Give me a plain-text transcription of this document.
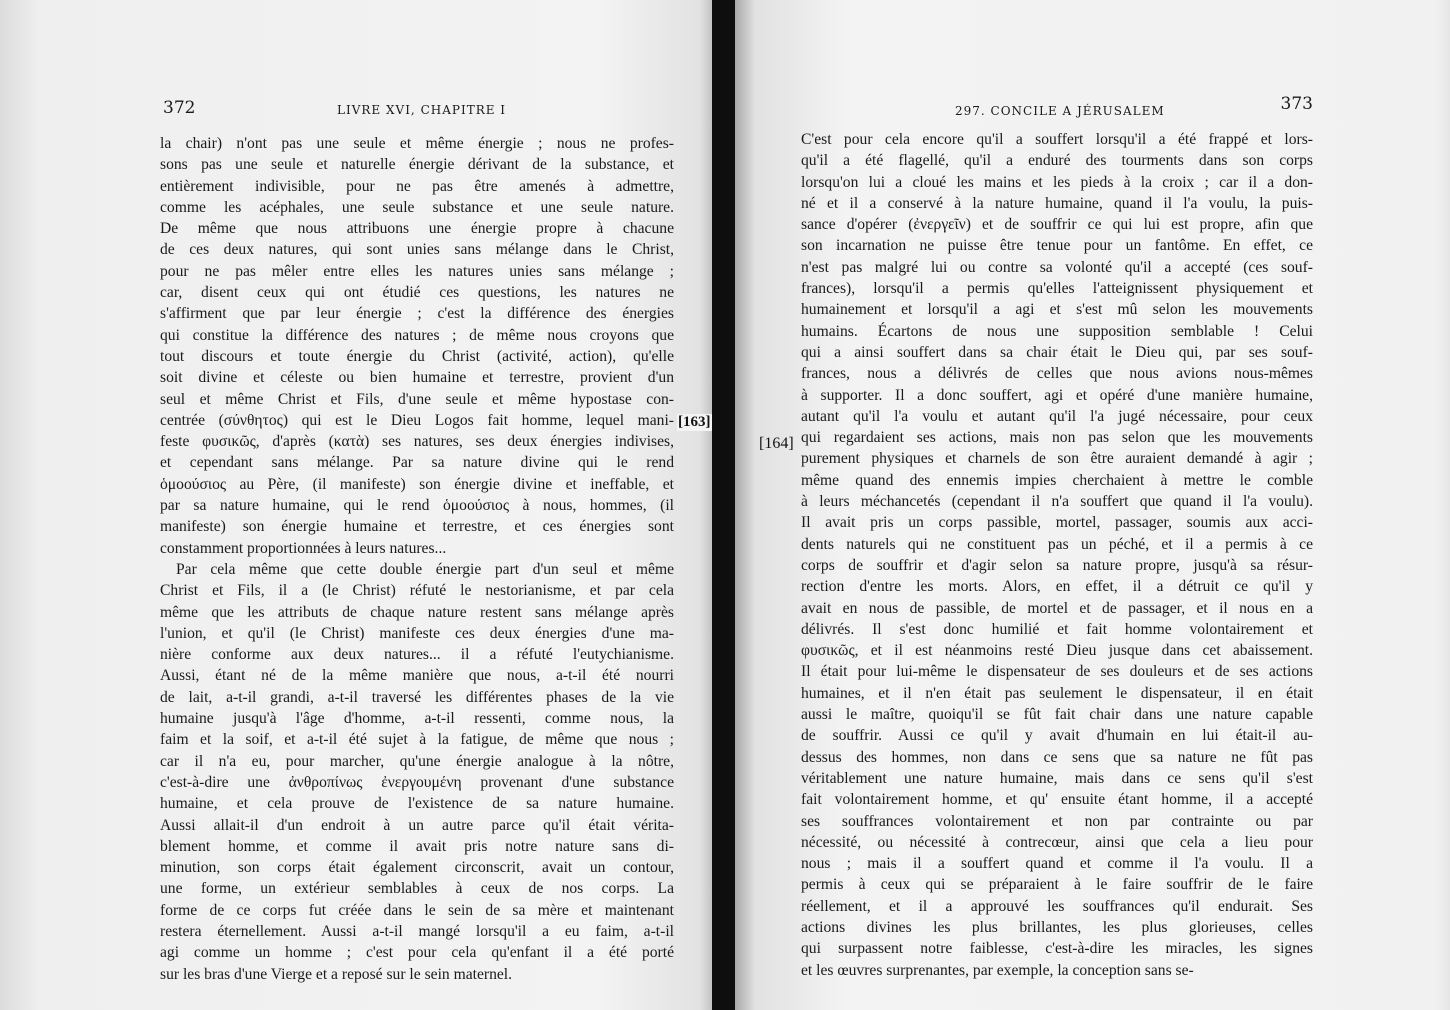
372	LIVRE XVI, CHAPITRE I
la chair) n'ont pas une seule et même énergie ; nous ne profes-
sons pas une seule et naturelle énergie dérivant de la substance, et
entièrement indivisible, pour ne pas être amenés à admettre,
comme les acéphales, une seule substance et une seule nature.
De même que nous attribuons une énergie propre à chacune
de ces deux natures, qui sont unies sans mélange dans le Christ,
pour ne pas mêler entre elles les natures unies sans mélange ;
car, disent ceux qui ont étudié ces questions, les natures ne
s'affirment que par leur énergie ; c'est la différence des énergies
qui constitue la différence des natures ; de même nous croyons que
tout discours et toute énergie du Christ (activité, action), qu'elle
soit divine et céleste ou bien humaine et terrestre, provient d'un
seul et même Christ et Fils, d'une seule et même hypostase con-
centrée (σύνθητος) qui est le Dieu Logos fait homme, lequel mani-
feste φυσικῶς, d'après (κατὰ) ses natures, ses deux énergies indivises,
et cependant sans mélange. Par sa nature divine qui le rend
ὁμοούσιος au Père, (il manifeste) son énergie divine et ineffable, et
par sa nature humaine, qui le rend ὁμοούσιος à nous, hommes, (il
manifeste) son énergie humaine et terrestre, et ces énergies sont
constamment proportionnées à leurs natures...
Par cela même que cette double énergie part d'un seul et même
Christ et Fils, il a (le Christ) réfuté le nestorianisme, et par cela
même que les attributs de chaque nature restent sans mélange après
l'union, et qu'il (le Christ) manifeste ces deux énergies d'une ma-
nière conforme aux deux natures... il a réfuté l'eutychianisme.
Aussi, étant né de la même manière que nous, a-t-il été nourri
de lait, a-t-il grandi, a-t-il traversé les différentes phases de la vie
humaine jusqu'à l'âge d'homme, a-t-il ressenti, comme nous, la
faim et la soif, et a-t-il été sujet à la fatigue, de même que nous ;
car il n'a eu, pour marcher, qu'une énergie analogue à la nôtre,
c'est-à-dire une ἀνθροπίνως ἐνεργουμένη provenant d'une substance
humaine, et cela prouve de l'existence de sa nature humaine.
Aussi allait-il d'un endroit à un autre parce qu'il était vérita-
blement homme, et comme il avait pris notre nature sans di-
minution, son corps était également circonscrit, avait un contour,
une forme, un extérieur semblables à ceux de nos corps. La
forme de ce corps fut créée dans le sein de sa mère et maintenant
restera éternellement. Aussi a-t-il mangé lorsqu'il a eu faim, a-t-il
agi comme un homme ; c'est pour cela qu'enfant il a été porté
sur les bras d'une Vierge et a reposé sur le sein maternel.
297. CONCILE A JÉRUSALEM	373
C'est pour cela encore qu'il a souffert lorsqu'il a été frappé et lors-
qu'il a été flagellé, qu'il a enduré des tourments dans son corps
lorsqu'on lui a cloué les mains et les pieds à la croix ; car il a don-
né et il a conservé à la nature humaine, quand il l'a voulu, la puis-
sance d'opérer (ἐνεργεῖν) et de souffrir ce qui lui est propre, afin que
son incarnation ne puisse être tenue pour un fantôme. En effet, ce
n'est pas malgré lui ou contre sa volonté qu'il a accepté (ces souf-
frances), lorsqu'il a permis qu'elles l'atteignissent physiquement et
humainement et lorsqu'il a agi et s'est mû selon les mouvements
humains. Écartons de nous une supposition semblable ! Celui
qui a ainsi souffert dans sa chair était le Dieu qui, par ses souf-
frances, nous a délivrés de celles que nous avions nous-mêmes
à supporter. Il a donc souffert, agi et opéré d'une manière humaine,
autant qu'il l'a voulu et autant qu'il l'a jugé nécessaire, pour ceux
qui regardaient ses actions, mais non pas selon que les mouvements
purement physiques et charnels de son être auraient demandé à agir ;
même quand des ennemis impies cherchaient à mettre le comble
à leurs méchancetés (cependant il n'a souffert que quand il l'a voulu).
Il avait pris un corps passible, mortel, passager, soumis aux acci-
dents naturels qui ne constituent pas un péché, et il a permis à ce
corps de souffrir et d'agir selon sa nature propre, jusqu'à sa résur-
rection d'entre les morts. Alors, en effet, il a détruit ce qu'il y
avait en nous de passible, de mortel et de passager, et il nous en a
délivrés. Il s'est donc humilié et fait homme volontairement et
φυσικῶς, et il est néanmoins resté Dieu jusque dans cet abaissement.
Il était pour lui-même le dispensateur de ses douleurs et de ses actions
humaines, et il n'en était pas seulement le dispensateur, il en était
aussi le maître, quoiqu'il se fût fait chair dans une nature capable
de souffrir. Aussi ce qu'il y avait d'humain en lui était-il au-
dessus des hommes, non dans ce sens que sa nature ne fût pas
véritablement une nature humaine, mais dans ce sens qu'il s'est
fait volontairement homme, et qu' ensuite étant homme, il a accepté
ses souffrances volontairement et non par contrainte ou par
nécessité, ou nécessité à contrecœur, ainsi que cela a lieu pour
nous ; mais il a souffert quand et comme il l'a voulu. Il a
permis à ceux qui se préparaient à le faire souffrir de le faire
réellement, et il a approuvé les souffrances qu'il endurait. Ses
actions divines les plus brillantes, les plus glorieuses, celles
qui surpassent notre faiblesse, c'est-à-dire les miracles, les signes
et les œuvres surprenantes, par exemple, la conception sans se-
[163]
[164]
